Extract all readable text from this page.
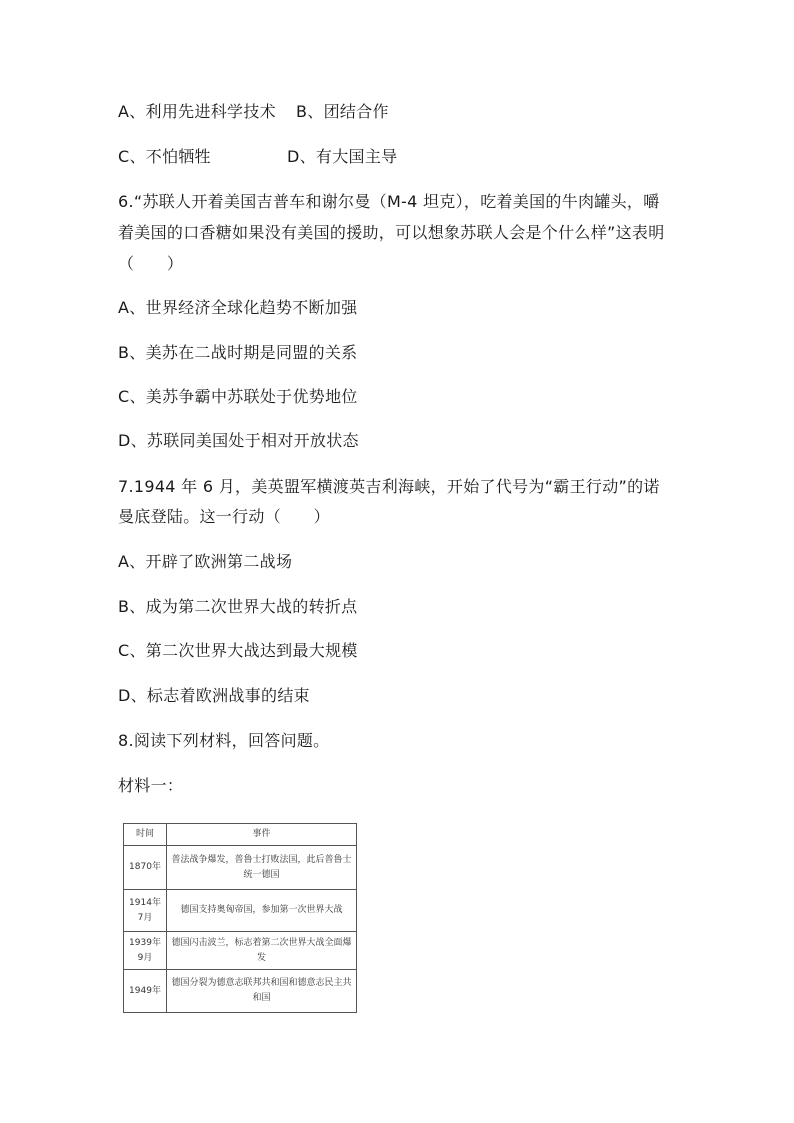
A、利用先进科学技术 B、团结合作
C、不怕牺牲	D、有大国主导
6.“苏联人开着美国吉普车和谢尔曼（M-4 坦克），吃着美国的牛肉罐头，嚼
着美国的口香糖如果没有美国的援助，可以想象苏联人会是个什么样”这表明
（　　）
A、世界经济全球化趋势不断加强
B、美苏在二战时期是同盟的关系
C、美苏争霸中苏联处于优势地位
D、苏联同美国处于相对开放状态
7.1944 年 6 月，美英盟军横渡英吉利海峡，开始了代号为“霸王行动”的诺
曼底登陆。这一行动（　　）
A、开辟了欧洲第二战场
B、成为第二次世界大战的转折点
C、第二次世界大战达到最大规模
D、标志着欧洲战事的结束
8.阅读下列材料，回答问题。
材料一：
时间	事件
1870年	普法战争爆发，普鲁士打败法国，此后普鲁士统一德国
1914年7月	德国支持奥匈帝国，参加第一次世界大战
1939年9月	德国闪击波兰，标志着第二次世界大战全面爆发
1949年	德国分裂为德意志联邦共和国和德意志民主共和国
